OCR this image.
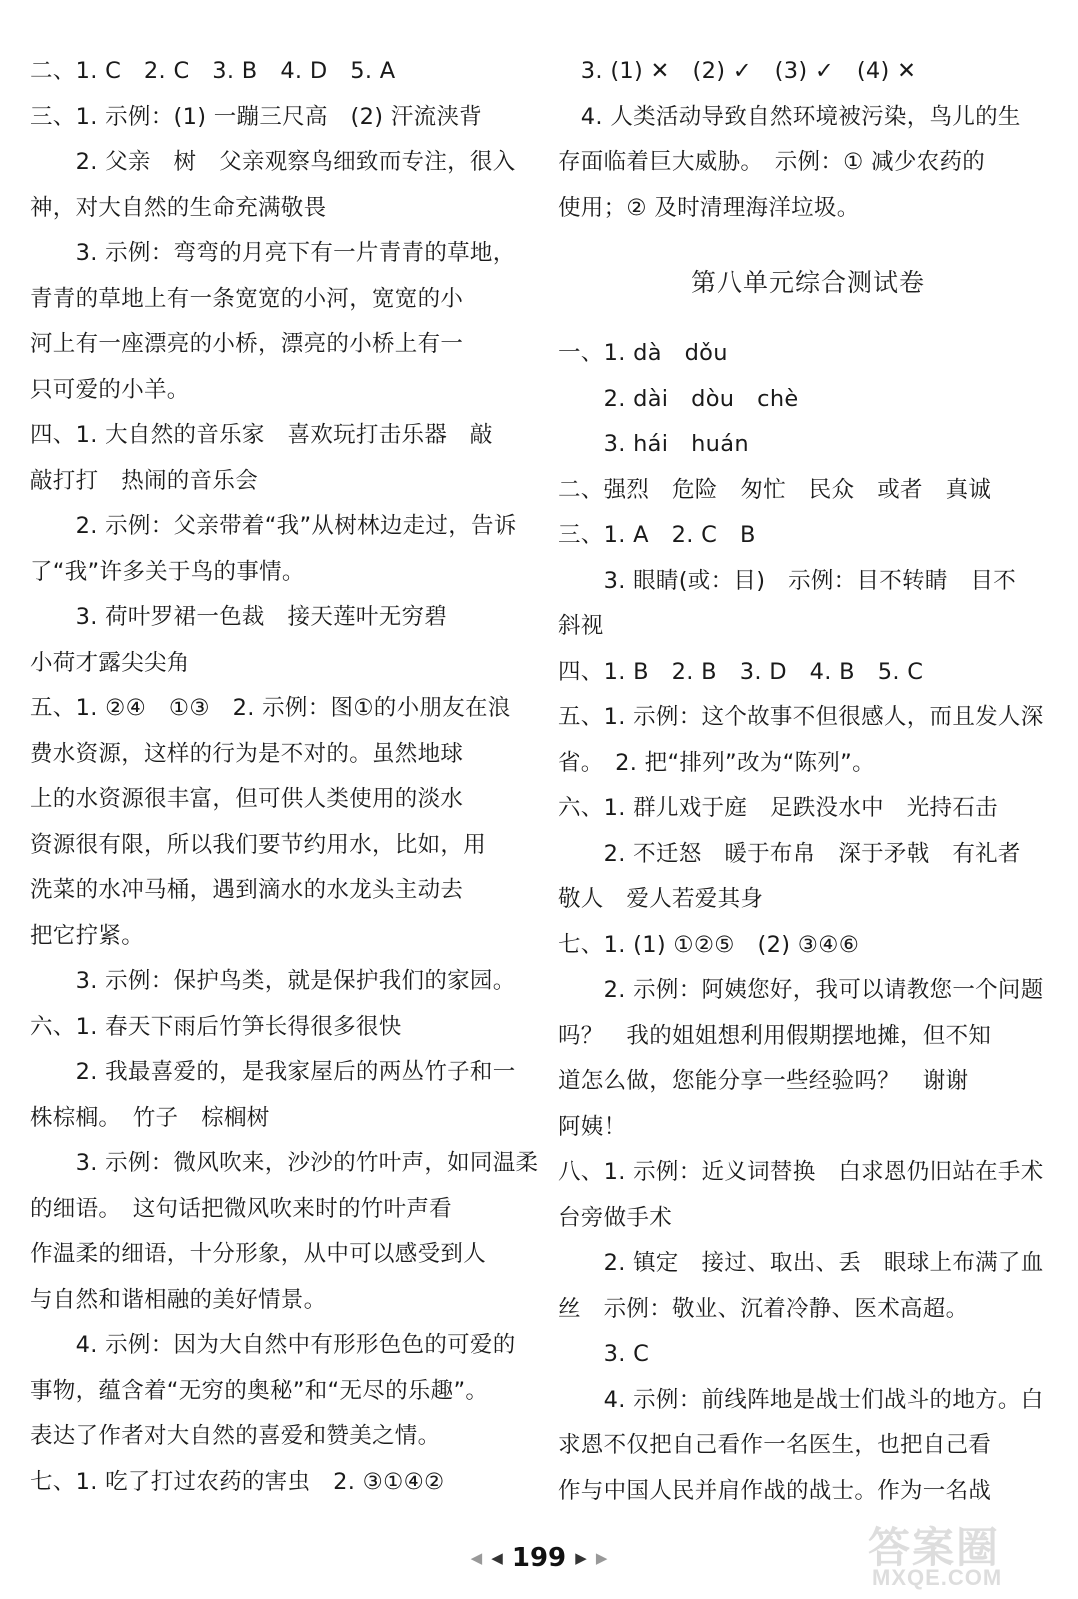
二、1. C　2. C　3. B　4. D　5. A
三、1. 示例：(1) 一蹦三尺高　(2) 汗流浃背
　　2. 父亲　树　父亲观察鸟细致而专注，很入
神，对大自然的生命充满敬畏
　　3. 示例：弯弯的月亮下有一片青青的草地，
青青的草地上有一条宽宽的小河，宽宽的小
河上有一座漂亮的小桥，漂亮的小桥上有一
只可爱的小羊。
四、1. 大自然的音乐家　喜欢玩打击乐器　敲
敲打打　热闹的音乐会
　　2. 示例：父亲带着“我”从树林边走过，告诉
了“我”许多关于鸟的事情。
　　3. 荷叶罗裙一色裁　接天莲叶无穷碧
小荷才露尖尖角
五、1. ②④　①③　2. 示例：图①的小朋友在浪
费水资源，这样的行为是不对的。虽然地球
上的水资源很丰富，但可供人类使用的淡水
资源很有限，所以我们要节约用水，比如，用
洗菜的水冲马桶，遇到滴水的水龙头主动去
把它拧紧。
　　3. 示例：保护鸟类，就是保护我们的家园。
六、1. 春天下雨后竹笋长得很多很快
　　2. 我最喜爱的，是我家屋后的两丛竹子和一
株棕榈。　竹子　棕榈树
　　3. 示例：微风吹来，沙沙的竹叶声，如同温柔
的细语。　这句话把微风吹来时的竹叶声看
作温柔的细语，十分形象，从中可以感受到人
与自然和谐相融的美好情景。
　　4. 示例：因为大自然中有形形色色的可爱的
事物，蕴含着“无穷的奥秘”和“无尽的乐趣”。
表达了作者对大自然的喜爱和赞美之情。
七、1. 吃了打过农药的害虫　2. ③①④②
　3. (1) ✕　(2) ✓　(3) ✓　(4) ✕
　4. 人类活动导致自然环境被污染，鸟儿的生
存面临着巨大威胁。　示例：① 减少农药的
使用；② 及时清理海洋垃圾。
第八单元综合测试卷
一、1. dà　dǒu
　　2. dài　dòu　chè
　　3. hái　huán
二、强烈　危险　匆忙　民众　或者　真诚
三、1. A　2. C　B
　　3. 眼睛(或：目)　示例：目不转睛　目不
斜视
四、1. B　2. B　3. D　4. B　5. C
五、1. 示例：这个故事不但很感人，而且发人深
省。　2. 把“排列”改为“陈列”。
六、1. 群儿戏于庭　足跌没水中　光持石击
　　2. 不迁怒　暖于布帛　深于矛戟　有礼者
敬人　爱人若爱其身
七、1. (1) ①②⑤　(2) ③④⑥
　　2. 示例：阿姨您好，我可以请教您一个问题
吗？　我的姐姐想利用假期摆地摊，但不知
道怎么做，您能分享一些经验吗？　谢谢
阿姨！
八、1. 示例：近义词替换　白求恩仍旧站在手术
台旁做手术
　　2. 镇定　接过、取出、丢　眼球上布满了血
丝　示例：敬业、沉着冷静、医术高超。
　　3. C
　　4. 示例：前线阵地是战士们战斗的地方。白
求恩不仅把自己看作一名医生，也把自己看
作与中国人民并肩作战的战士。作为一名战
◀ ◀ 199 ▶ ▶	答案圈
MXQE.COM
